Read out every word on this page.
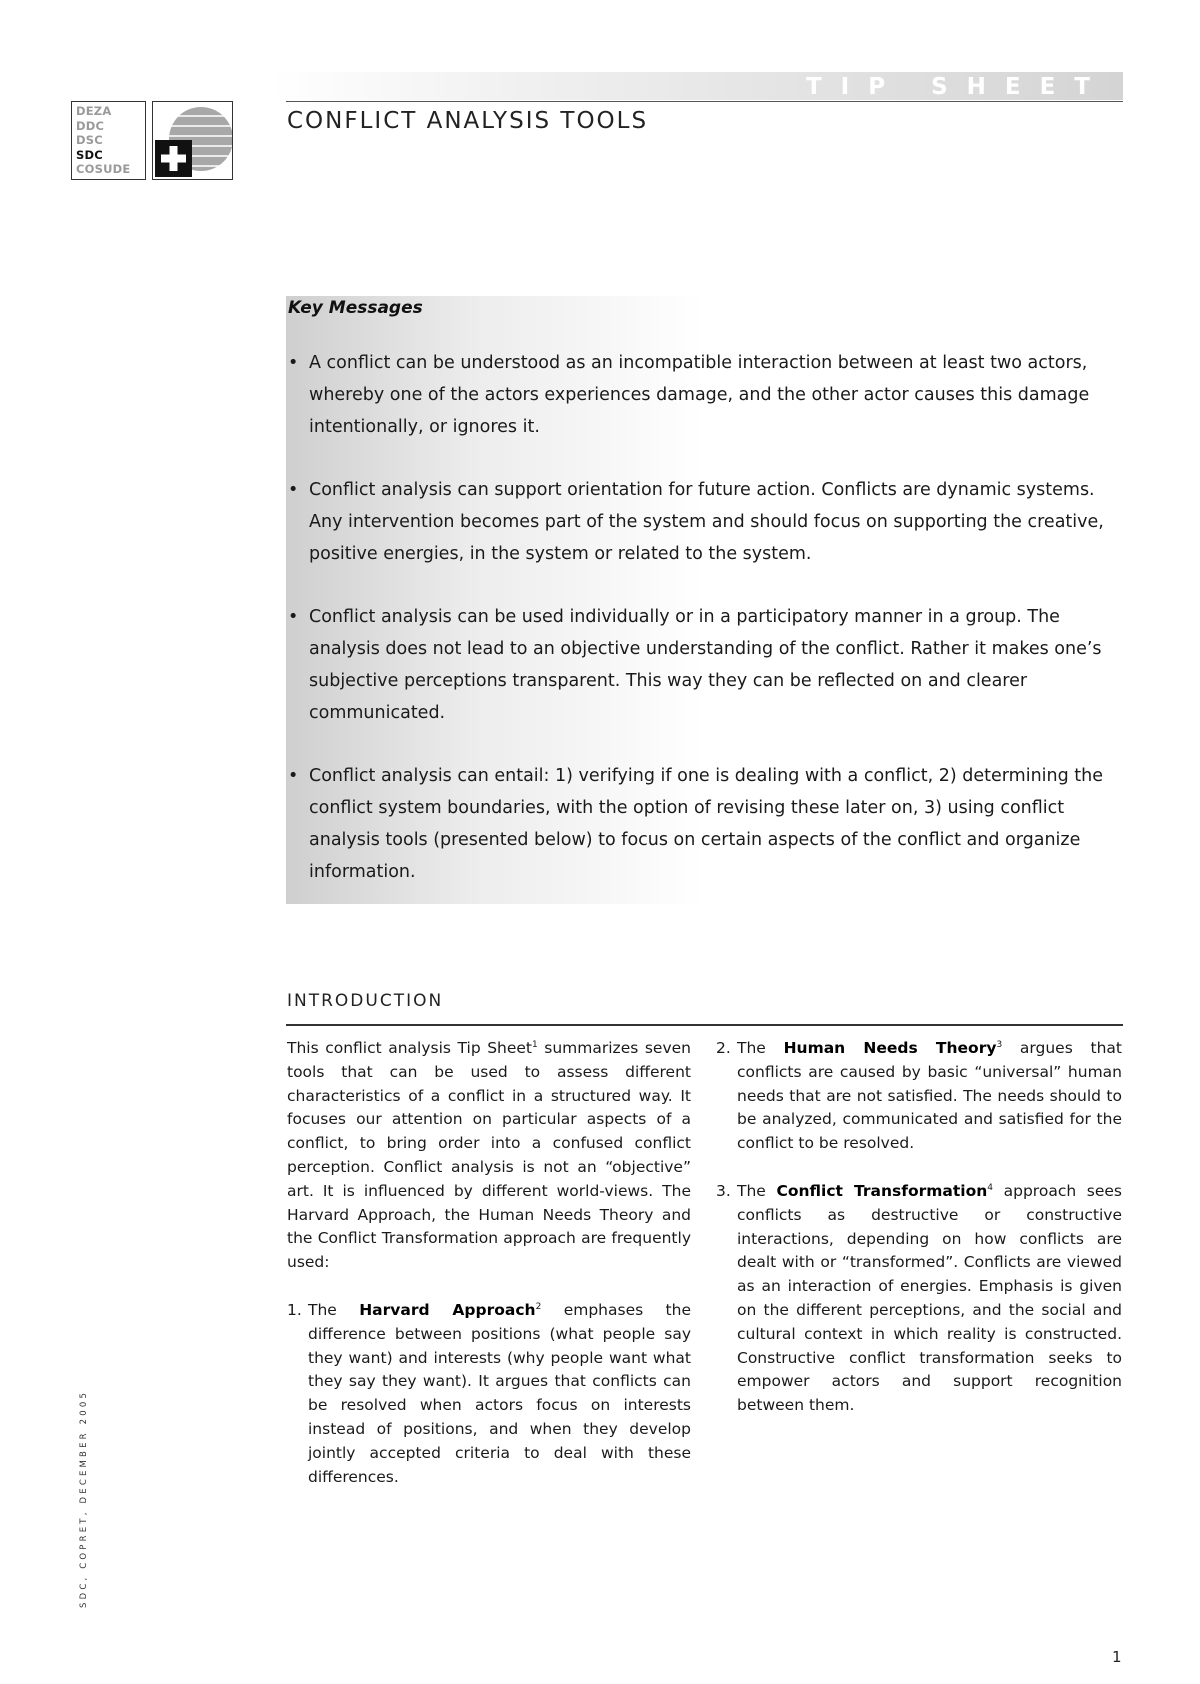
TIP SHEET
CONFLICT ANALYSIS TOOLS
DEZA
DDC
DSC
SDC
COSUDE
Key Messages
• A conflict can be understood as an incompatible interaction between at least two actors, whereby one of the actors experiences damage, and the other actor causes this damage intentionally, or ignores it.
• Conflict analysis can support orientation for future action. Conflicts are dynamic systems. Any intervention becomes part of the system and should focus on supporting the creative, positive energies, in the system or related to the system.
• Conflict analysis can be used individually or in a participatory manner in a group. The analysis does not lead to an objective understanding of the conflict. Rather it makes one’s subjective perceptions transparent. This way they can be reflected on and clearer communicated.
• Conflict analysis can entail: 1) verifying if one is dealing with a conflict, 2) determining the conflict system boundaries, with the option of revising these later on, 3) using conflict analysis tools (presented below) to focus on certain aspects of the conflict and organize information.
INTRODUCTION

This conflict analysis Tip Sheet$^1$ summarizes seven tools that can be used to assess different characteristics of a conflict in a structured way. It focuses our attention on particular aspects of a conflict, to bring order into a confused conflict perception. Conflict analysis is not an “objective” art. It is influenced by different world-views. The Harvard Approach, the Human Needs Theory and the Conflict Transformation approach are frequently used:

1. The Harvard Approach$^2$ emphases the difference between positions (what people say they want) and interests (why people want what they say they want). It argues that conflicts can be resolved when actors focus on interests instead of positions, and when they develop jointly accepted criteria to deal with these differences.

2. The Human Needs Theory$^3$ argues that conflicts are caused by basic “universal” human needs that are not satisfied. The needs should to be analyzed, communicated and satisfied for the conflict to be resolved.

3. The Conflict Transformation$^4$ approach sees conflicts as destructive or constructive interactions, depending on how conflicts are dealt with or “transformed”. Conflicts are viewed as an interaction of energies. Emphasis is given on the different perceptions, and the social and cultural context in which reality is constructed. Constructive conflict transformation seeks to empower actors and support recognition between them.

SDC, COPRET, DECEMBER 2005
1
